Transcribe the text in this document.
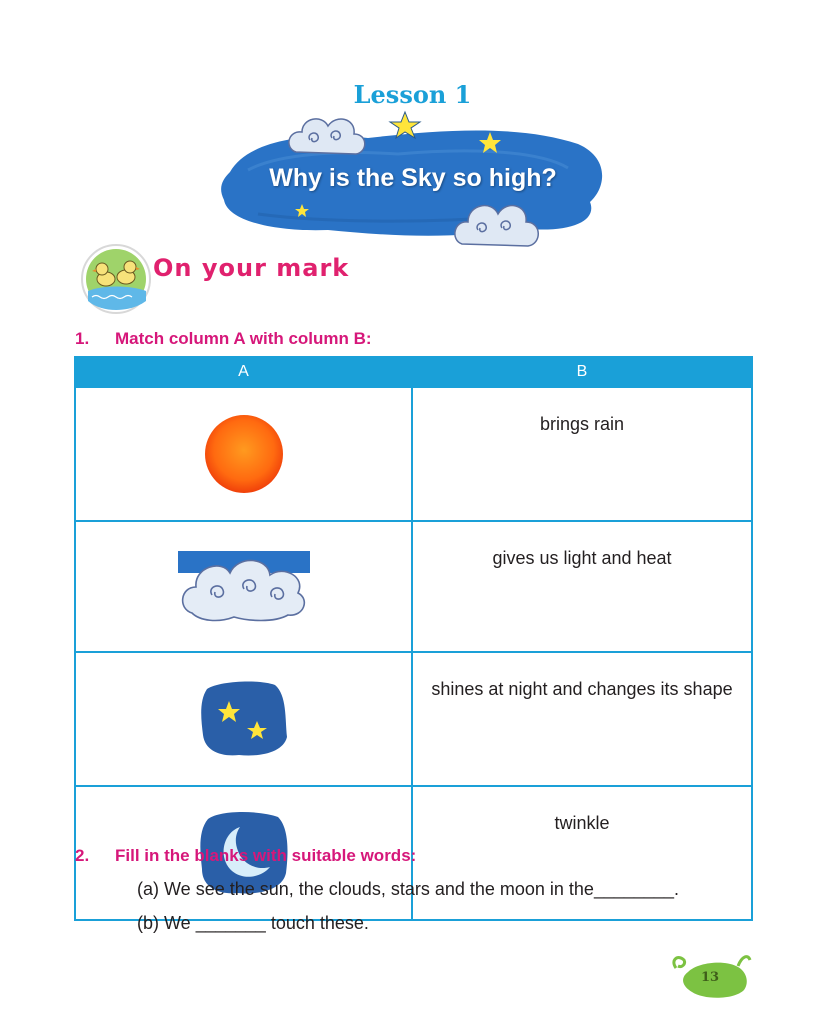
Lesson 1
Why is the Sky so high?
On your mark
1. Match column A with column B:
A	B

	brings rain

	gives us light and heat

	shines at night and changes its shape

	twinkle
2. Fill in the blanks with suitable words:
(a) We see the sun, the clouds, stars and the moon in the________.
(b) We _______ touch these.
13
